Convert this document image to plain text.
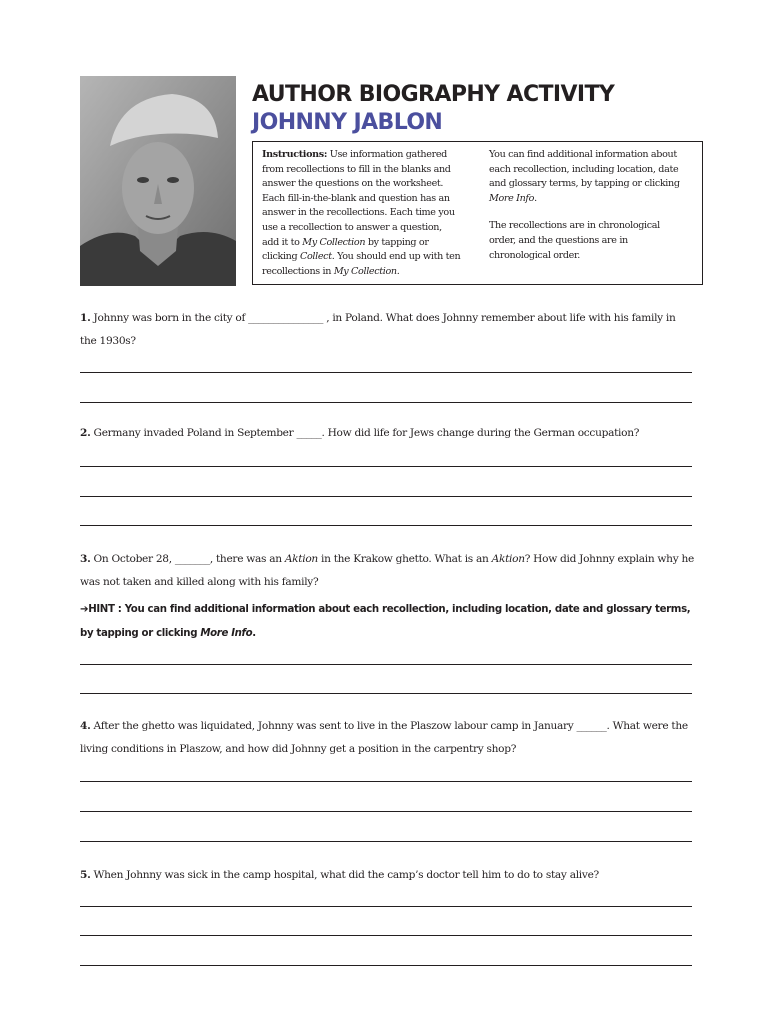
AUTHOR BIOGRAPHY ACTIVITY
JOHNNY JABLON
Instructions: Use information gathered
from recollections to fill in the blanks and
answer the questions on the worksheet.
Each fill-in-the-blank and question has an
answer in the recollections. Each time you
use a recollection to answer a question,
add it to My Collection by tapping or
clicking Collect. You should end up with ten
recollections in My Collection.

You can find additional information about
each recollection, including location, date
and glossary terms, by tapping or clicking
More Info.

The recollections are in chronological
order, and the questions are in
chronological order.

1. Johnny was born in the city of _______________ , in Poland. What does Johnny remember about life with his family in the 1930s?

2. Germany invaded Poland in September _____. How did life for Jews change during the German occupation?

3. On October 28, _______, there was an Aktion in the Krakow ghetto. What is an Aktion? How did Johnny explain why he was not taken and killed along with his family?

➔HINT : You can find additional information about each recollection, including location, date and glossary terms, by tapping or clicking More Info.

4. After the ghetto was liquidated, Johnny was sent to live in the Plaszow labour camp in January ______. What were the living conditions in Plaszow, and how did Johnny get a position in the carpentry shop?

5. When Johnny was sick in the camp hospital, what did the camp’s doctor tell him to do to stay alive?
